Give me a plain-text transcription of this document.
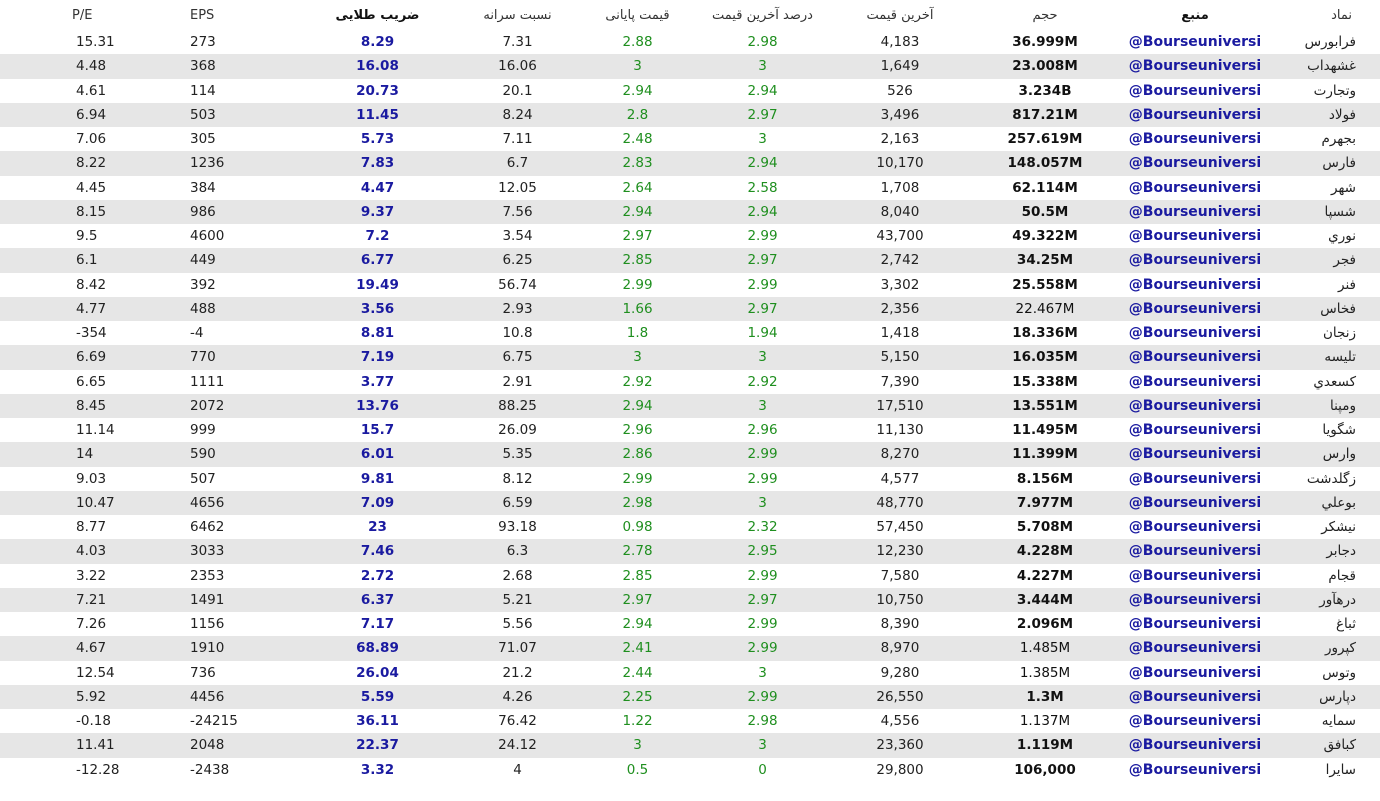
P/E	EPS	ضریب طلایی	نسبت سرانه	قیمت پایانی	درصد آخرین قیمت	آخرین قیمت	حجم	منبع	نماد
15.31	273	8.29	7.31	2.88	2.98	4,183	36.999M	@Bourseuniversi	فرابورس
4.48	368	16.08	16.06	3	3	1,649	23.008M	@Bourseuniversi	غشهداب
4.61	114	20.73	20.1	2.94	2.94	526	3.234B	@Bourseuniversi	وتجارت
6.94	503	11.45	8.24	2.8	2.97	3,496	817.21M	@Bourseuniversi	فولاد
7.06	305	5.73	7.11	2.48	3	2,163	257.619M	@Bourseuniversi	بجهرم
8.22	1236	7.83	6.7	2.83	2.94	10,170	148.057M	@Bourseuniversi	فارس
4.45	384	4.47	12.05	2.64	2.58	1,708	62.114M	@Bourseuniversi	شهر
8.15	986	9.37	7.56	2.94	2.94	8,040	50.5M	@Bourseuniversi	شسپا
9.5	4600	7.2	3.54	2.97	2.99	43,700	49.322M	@Bourseuniversi	نوري
6.1	449	6.77	6.25	2.85	2.97	2,742	34.25M	@Bourseuniversi	فجر
8.42	392	19.49	56.74	2.99	2.99	3,302	25.558M	@Bourseuniversi	فنر
4.77	488	3.56	2.93	1.66	2.97	2,356	22.467M	@Bourseuniversi	فخاس
-354	-4	8.81	10.8	1.8	1.94	1,418	18.336M	@Bourseuniversi	زنجان
6.69	770	7.19	6.75	3	3	5,150	16.035M	@Bourseuniversi	تليسه
6.65	1111	3.77	2.91	2.92	2.92	7,390	15.338M	@Bourseuniversi	كسعدي
8.45	2072	13.76	88.25	2.94	3	17,510	13.551M	@Bourseuniversi	ومپنا
11.14	999	15.7	26.09	2.96	2.96	11,130	11.495M	@Bourseuniversi	شگويا
14	590	6.01	5.35	2.86	2.99	8,270	11.399M	@Bourseuniversi	وارس
9.03	507	9.81	8.12	2.99	2.99	4,577	8.156M	@Bourseuniversi	زگلدشت
10.47	4656	7.09	6.59	2.98	3	48,770	7.977M	@Bourseuniversi	بوعلي
8.77	6462	23	93.18	0.98	2.32	57,450	5.708M	@Bourseuniversi	نيشكر
4.03	3033	7.46	6.3	2.78	2.95	12,230	4.228M	@Bourseuniversi	دجابر
3.22	2353	2.72	2.68	2.85	2.99	7,580	4.227M	@Bourseuniversi	قجام
7.21	1491	6.37	5.21	2.97	2.97	10,750	3.444M	@Bourseuniversi	درهآور
7.26	1156	7.17	5.56	2.94	2.99	8,390	2.096M	@Bourseuniversi	ثباغ
4.67	1910	68.89	71.07	2.41	2.99	8,970	1.485M	@Bourseuniversi	کپرور
12.54	736	26.04	21.2	2.44	3	9,280	1.385M	@Bourseuniversi	وتوس
5.92	4456	5.59	4.26	2.25	2.99	26,550	1.3M	@Bourseuniversi	دپارس
-0.18	-24215	36.11	76.42	1.22	2.98	4,556	1.137M	@Bourseuniversi	سمايه
11.41	2048	22.37	24.12	3	3	23,360	1.119M	@Bourseuniversi	كبافق
-12.28	-2438	3.32	4	0.5	0	29,800	106,000	@Bourseuniversi	سايرا
